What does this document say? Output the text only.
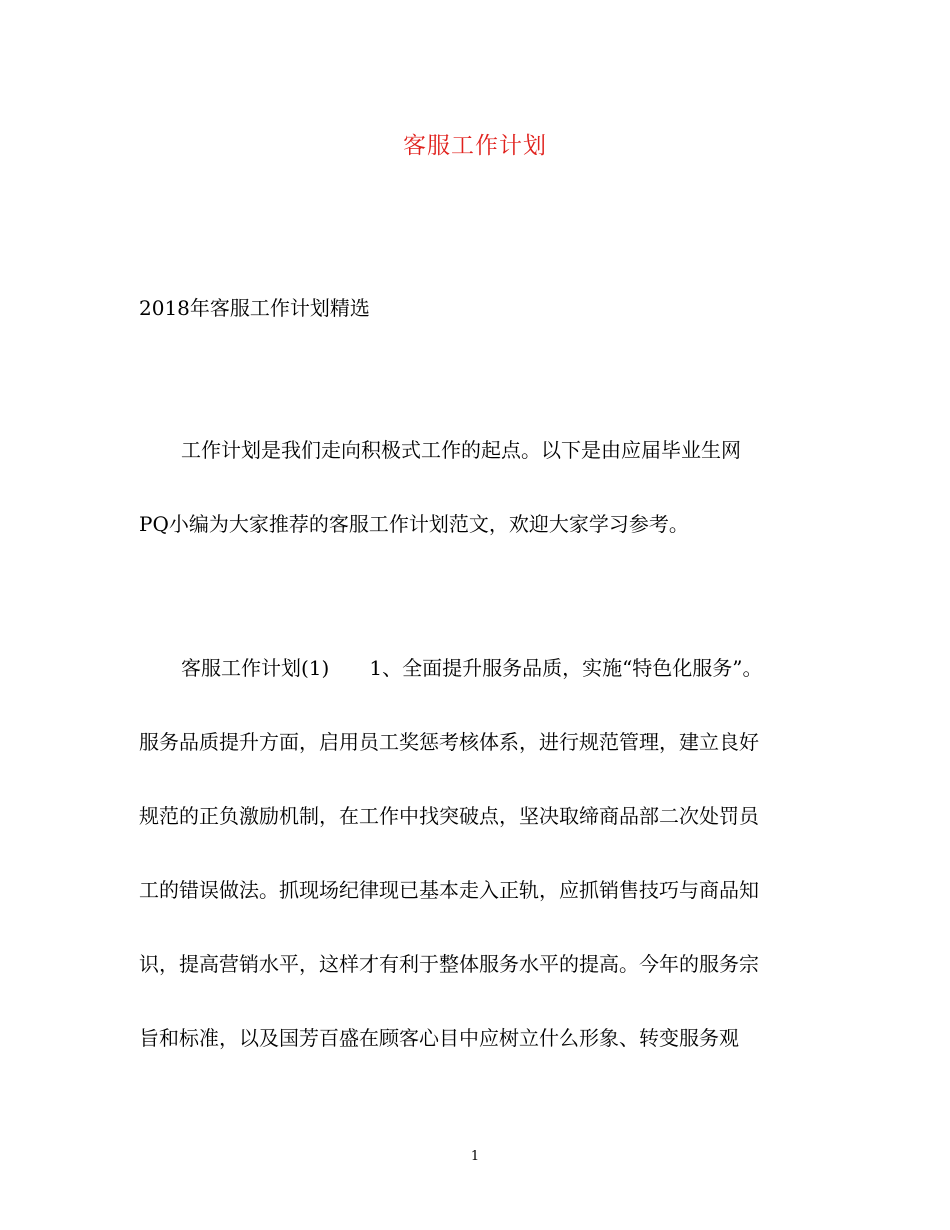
客服工作计划
2018年客服工作计划精选
工作计划是我们走向积极式工作的起点。以下是由应届毕业生网
PQ小编为大家推荐的客服工作计划范文，欢迎大家学习参考。
客服工作计划(1) 1、全面提升服务品质，实施“特色化服务”。
服务品质提升方面，启用员工奖惩考核体系，进行规范管理，建立良好
规范的正负激励机制，在工作中找突破点，坚决取缔商品部二次处罚员
工的错误做法。抓现场纪律现已基本走入正轨，应抓销售技巧与商品知
识，提高营销水平，这样才有利于整体服务水平的提高。今年的服务宗
旨和标准，以及国芳百盛在顾客心目中应树立什么形象、转变服务观
1
